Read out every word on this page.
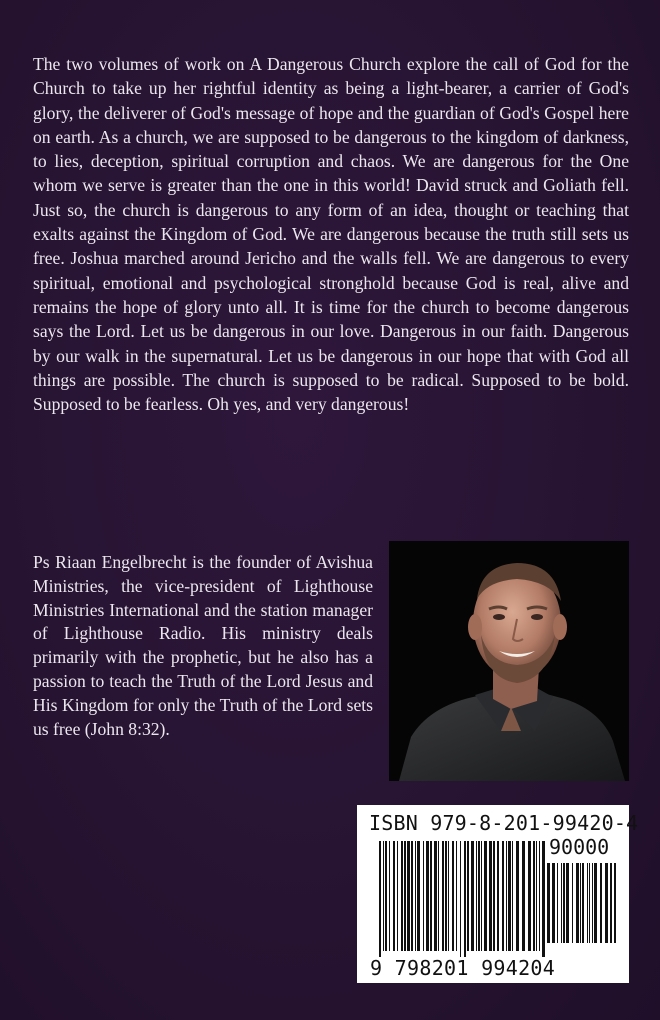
The two volumes of work on A Dangerous Church explore the call of God for the Church to take up her rightful identity as being a light-bearer, a carrier of God's glory, the deliverer of God's message of hope and the guardian of God's Gospel here on earth. As a church, we are supposed to be dangerous to the kingdom of darkness, to lies, deception, spiritual corruption and chaos. We are dangerous for the One whom we serve is greater than the one in this world! David struck and Goliath fell. Just so, the church is dangerous to any form of an idea, thought or teaching that exalts against the Kingdom of God. We are dangerous because the truth still sets us free. Joshua marched around Jericho and the walls fell. We are dangerous to every spiritual, emotional and psychological stronghold because God is real, alive and remains the hope of glory unto all. It is time for the church to become dangerous says the Lord. Let us be dangerous in our love. Dangerous in our faith. Dangerous by our walk in the supernatural. Let us be dangerous in our hope that with God all things are possible. The church is supposed to be radical. Supposed to be bold. Supposed to be fearless. Oh yes, and very dangerous!

Ps Riaan Engelbrecht is the founder of Avishua Ministries, the vice-president of Lighthouse Ministries International and the station manager of Lighthouse Radio. His ministry deals primarily with the prophetic, but he also has a passion to teach the Truth of the Lord Jesus and His Kingdom for only the Truth of the Lord sets us free (John 8:32).

ISBN 979-8-201-99420-4
90000
9 798201 994204
